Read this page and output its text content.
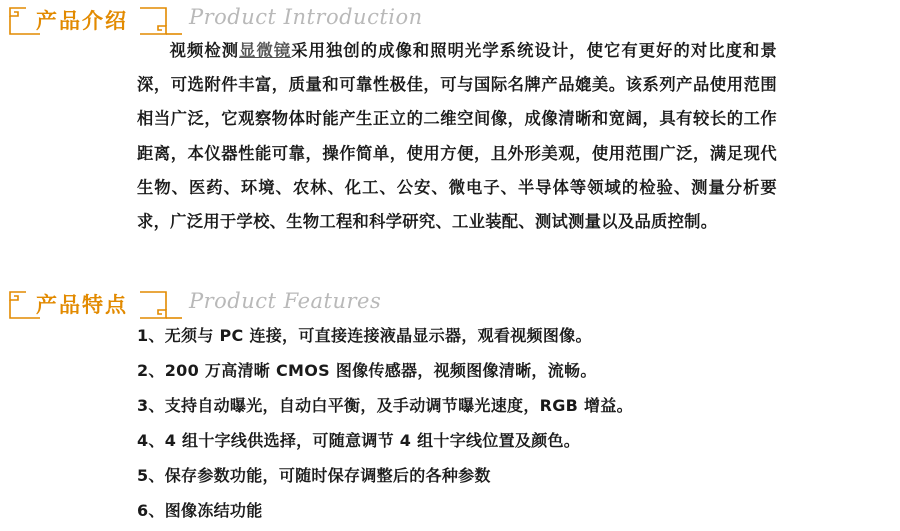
产品介绍	Product Introduction

视频检测显微镜采用独创的成像和照明光学系统设计，使它有更好的对比度和景深，可选附件丰富，质量和可靠性极佳，可与国际名牌产品媲美。该系列产品使用范围相当广泛，它观察物体时能产生正立的二维空间像，成像清晰和宽阔，具有较长的工作距离，本仪器性能可靠，操作简单，使用方便，且外形美观，使用范围广泛，满足现代生物、医药、环境、农林、化工、公安、微电子、半导体等领域的检验、测量分析要求，广泛用于学校、生物工程和科学研究、工业装配、测试测量以及品质控制。

产品特点	Product Features
1、无须与 PC 连接，可直接连接液晶显示器，观看视频图像。
2、200 万高清晰 CMOS 图像传感器，视频图像清晰，流畅。
3、支持自动曝光，自动白平衡，及手动调节曝光速度，RGB 增益。
4、4 组十字线供选择，可随意调节 4 组十字线位置及颜色。
5、保存参数功能，可随时保存调整后的各种参数
6、图像冻结功能
